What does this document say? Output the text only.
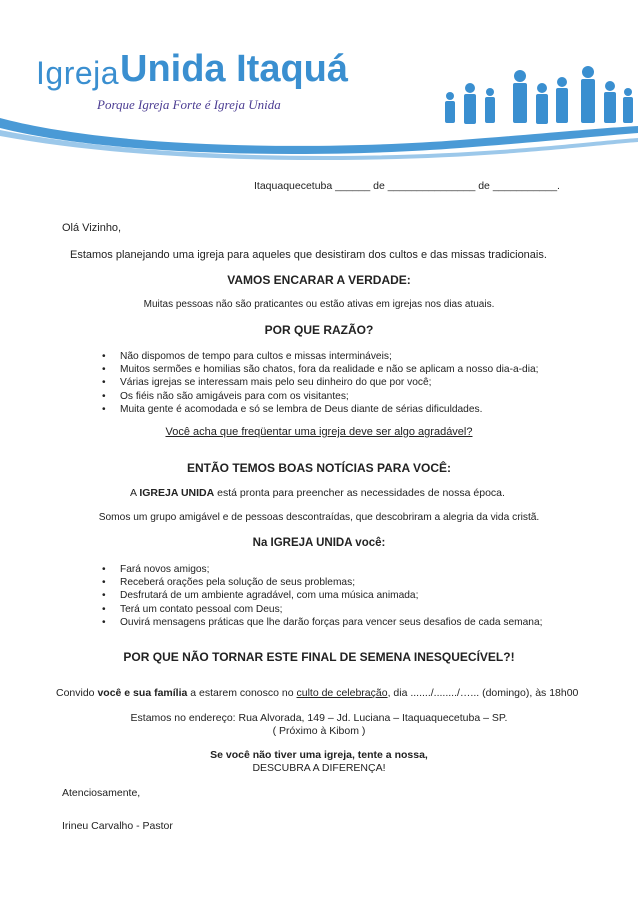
Igreja Unida Itaquá
Porque Igreja Forte é Igreja Unida
Itaquaquecetuba ______ de _______________ de ___________.
Olá Vizinho,
Estamos planejando uma igreja para aqueles que desistiram dos cultos e das missas tradicionais.
VAMOS ENCARAR A VERDADE:
Muitas pessoas não são praticantes ou estão ativas em igrejas nos dias atuais.
POR QUE RAZÃO?
• Não dispomos de tempo para cultos e missas intermináveis;
• Muitos sermões e homilias são chatos, fora da realidade e não se aplicam a nosso dia-a-dia;
• Várias igrejas se interessam mais pelo seu dinheiro do que por você;
• Os fiéis não são amigáveis para com os visitantes;
• Muita gente é acomodada e só se lembra de Deus diante de sérias dificuldades.
Você acha que freqüentar uma igreja deve ser algo agradável?
ENTÃO TEMOS BOAS NOTÍCIAS PARA VOCÊ:
A IGREJA UNIDA está pronta para preencher as necessidades de nossa época.
Somos um grupo amigável e de pessoas descontraídas, que descobriram a alegria da vida cristã.
Na IGREJA UNIDA você:
• Fará novos amigos;
• Receberá orações pela solução de seus problemas;
• Desfrutará de um ambiente agradável, com uma música animada;
• Terá um contato pessoal com Deus;
• Ouvirá mensagens práticas que lhe darão forças para vencer seus desafios de cada semana;
POR QUE NÃO TORNAR ESTE FINAL DE SEMENA INESQUECÍVEL?!
Convido você e sua família a estarem conosco no culto de celebração, dia ......./......../…... (domingo), às 18h00
Estamos no endereço: Rua Alvorada, 149 – Jd. Luciana – Itaquaquecetuba – SP.
( Próximo à Kibom )
Se você não tiver uma igreja, tente a nossa,
DESCUBRA A DIFERENÇA!
Atenciosamente,
Irineu Carvalho - Pastor
